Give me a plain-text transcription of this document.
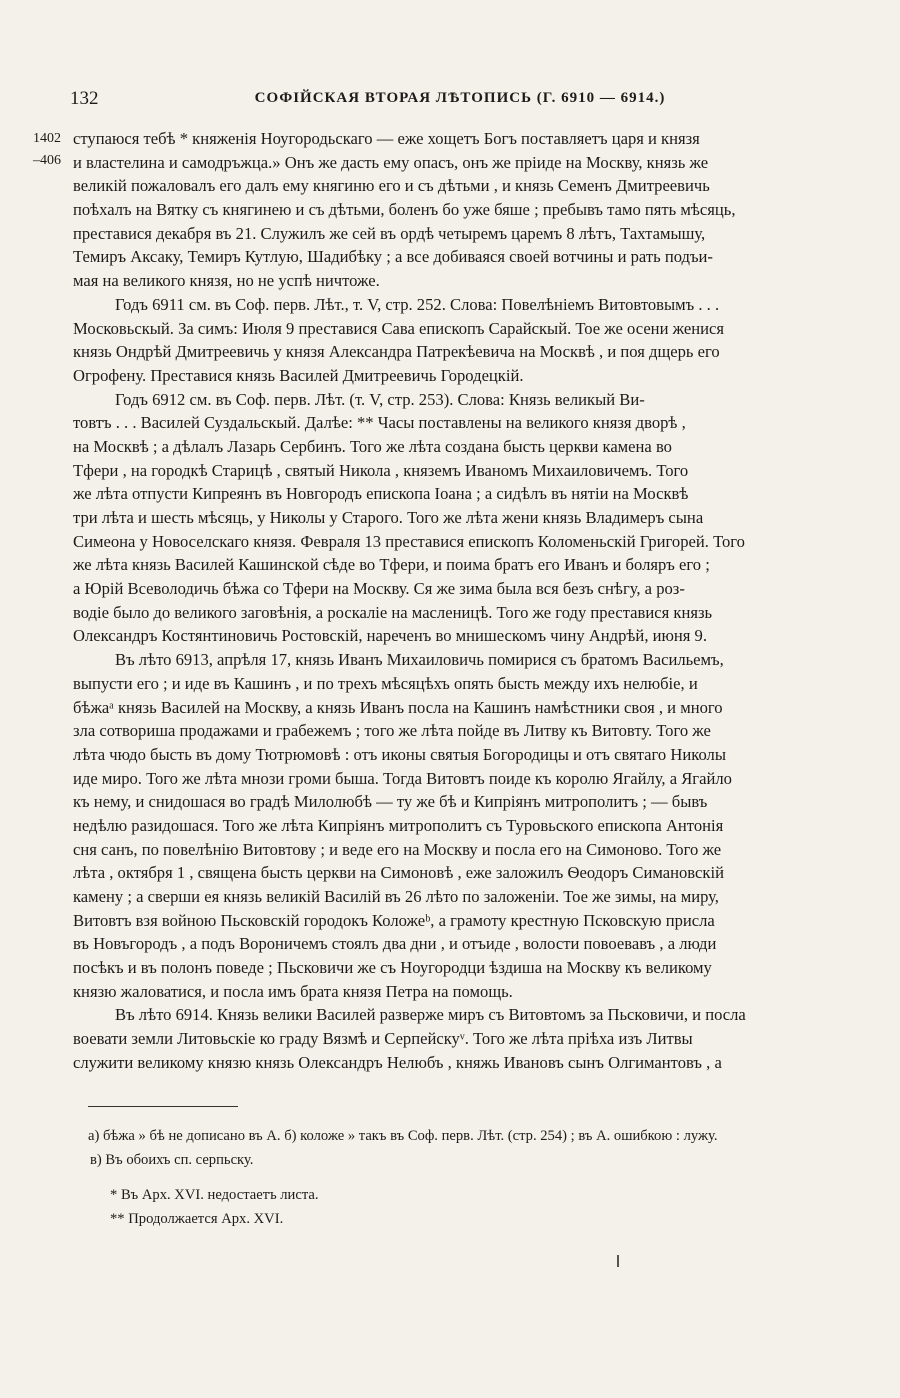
132	СОФІЙСКАЯ ВТОРАЯ ЛѢТОПИСЬ (Г. 6910 — 6914.)
1402
–406
ступаюся тебѣ * княженія Ноугородьскаго — еже хощетъ Богъ поставляетъ царя и князя
и властелина и самодръжца.» Онъ же дасть ему опасъ, онъ же пріиде на Москву, князь же
великій пожаловалъ его далъ ему княгиню его и съ дѣтьми , и князь Семенъ Дмитреевичь
поѣхалъ на Вятку съ княгинею и съ дѣтьми, боленъ бо уже бяше ; пребывъ тамо пять мѣсяць,
преставися декабря въ 21. Служилъ же сей въ ордѣ четыремъ царемъ 8 лѣтъ, Тахтамышу,
Темиръ Аксаку, Темиръ Кутлую, Шадибѣку ; а все добиваяся своей вотчины и рать подъи-
мая на великого князя, но не успѣ ничтоже.
Годъ 6911 см. въ Соф. перв. Лѣт., т. V, стр. 252. Слова: Повелѣніемъ Витовтовымъ . . .
Московьскый. За симъ: Июля 9 преставися Сава епископъ Сарайскый. Тое же осени женися
князь Ондрѣй Дмитреевичь у князя Александра Патрекѣевича на Москвѣ , и поя дщерь его
Огрофену. Преставися князь Василей Дмитреевичь Городецкій.
Годъ 6912 см. въ Соф. перв. Лѣт. (т. V, стр. 253). Слова: Князь великый Ви-
товтъ . . . Василей Суздальскый. Далѣе: ** Часы поставлены на великого князя дворѣ ,
на Москвѣ ; а дѣлалъ Лазарь Сербинъ. Того же лѣта создана бысть церкви камена во
Тфери , на городкѣ Старицѣ , святый Никола , княземъ Иваномъ Михаиловичемъ. Того
же лѣта отпусти Кипреянъ въ Новгородъ епископа Іоана ; а сидѣлъ въ нятіи на Москвѣ
три лѣта и шесть мѣсяць, у Николы у Старого. Того же лѣта жени князь Владимеръ сына
Симеона у Новоселскаго князя. Февраля 13 преставися епископъ Коломеньскій Григорей. Того
же лѣта князь Василей Кашинской сѣде во Тфери, и поима братъ его Иванъ и боляръ его ;
а Юрій Всеволодичь бѣжа со Тфери на Москву. Ся же зима была вся безъ снѣгу, а роз-
водіе было до великого заговѣнія, а роскаліе на масленицѣ. Того же году преставися князь
Олександръ Костянтиновичь Ростовскій, нареченъ во мнишескомъ чину Андрѣй, июня 9.
Въ лѣто 6913, апрѣля 17, князь Иванъ Михаиловичь помирися съ братомъ Васильемъ,
выпусти его ; и иде въ Кашинъ , и по трехъ мѣсяцѣхъ опять бысть между ихъ нелюбіе, и
бѣжаᵃ князь Василей на Москву, а князь Иванъ посла на Кашинъ намѣстники своя , и много
зла сотвориша продажами и грабежемъ ; того же лѣта пойде въ Литву къ Витовту. Того же
лѣта чюдо бысть въ дому Тютрюмовѣ : отъ иконы святыя Богородицы и отъ святаго Николы
иде миро. Того же лѣта мнози громи быша. Тогда Витовтъ поиде къ королю Ягайлу, а Ягайло
къ нему, и снидошася во градѣ Милолюбѣ — ту же бѣ и Кипріянъ митрополитъ ; — бывъ
недѣлю разидошася. Того же лѣта Кипріянъ митрополитъ съ Туровьского епископа Антонія
сня санъ, по повелѣнію Витовтову ; и веде его на Москву и посла его на Симоново. Того же
лѣта , октября 1 , священа бысть церкви на Симоновѣ , еже заложилъ Ѳеодоръ Симановскій
камену ; а сверши ея князь великій Василій въ 26 лѣто по заложеніи. Тое же зимы, на миру,
Витовтъ взя войною Пьсковскій городокъ Коложеᵇ, а грамоту крестную Псковскую присла
въ Новъгородъ , а подъ Вороничемъ стоялъ два дни , и отъиде , волости повоевавъ , а люди
посѣкъ и въ полонъ поведе ; Пьсковичи же съ Ноугородци ѣздиша на Москву къ великому
князю жаловатися, и посла имъ брата князя Петра на помощь.
Въ лѣто 6914. Князь велики Василей разверже миръ съ Витовтомъ за Пьсковичи, и посла
воевати земли Литовьскіе ко граду Вязмѣ и Серпейскуᵛ. Того же лѣта пріѣха изъ Литвы
служити великому князю князь Олександръ Нелюбъ , княжь Ивановъ сынъ Олгимантовъ , а
а) бѣжа » бѣ не дописано въ А. б) коложе » такъ въ Соф. перв. Лѣт. (стр. 254) ; въ А. ошибкою : лужу.
в) Въ обоихъ сп. серпьску.
* Въ Арх. XVI. недостаетъ листа.
** Продолжается Арх. XVI.
